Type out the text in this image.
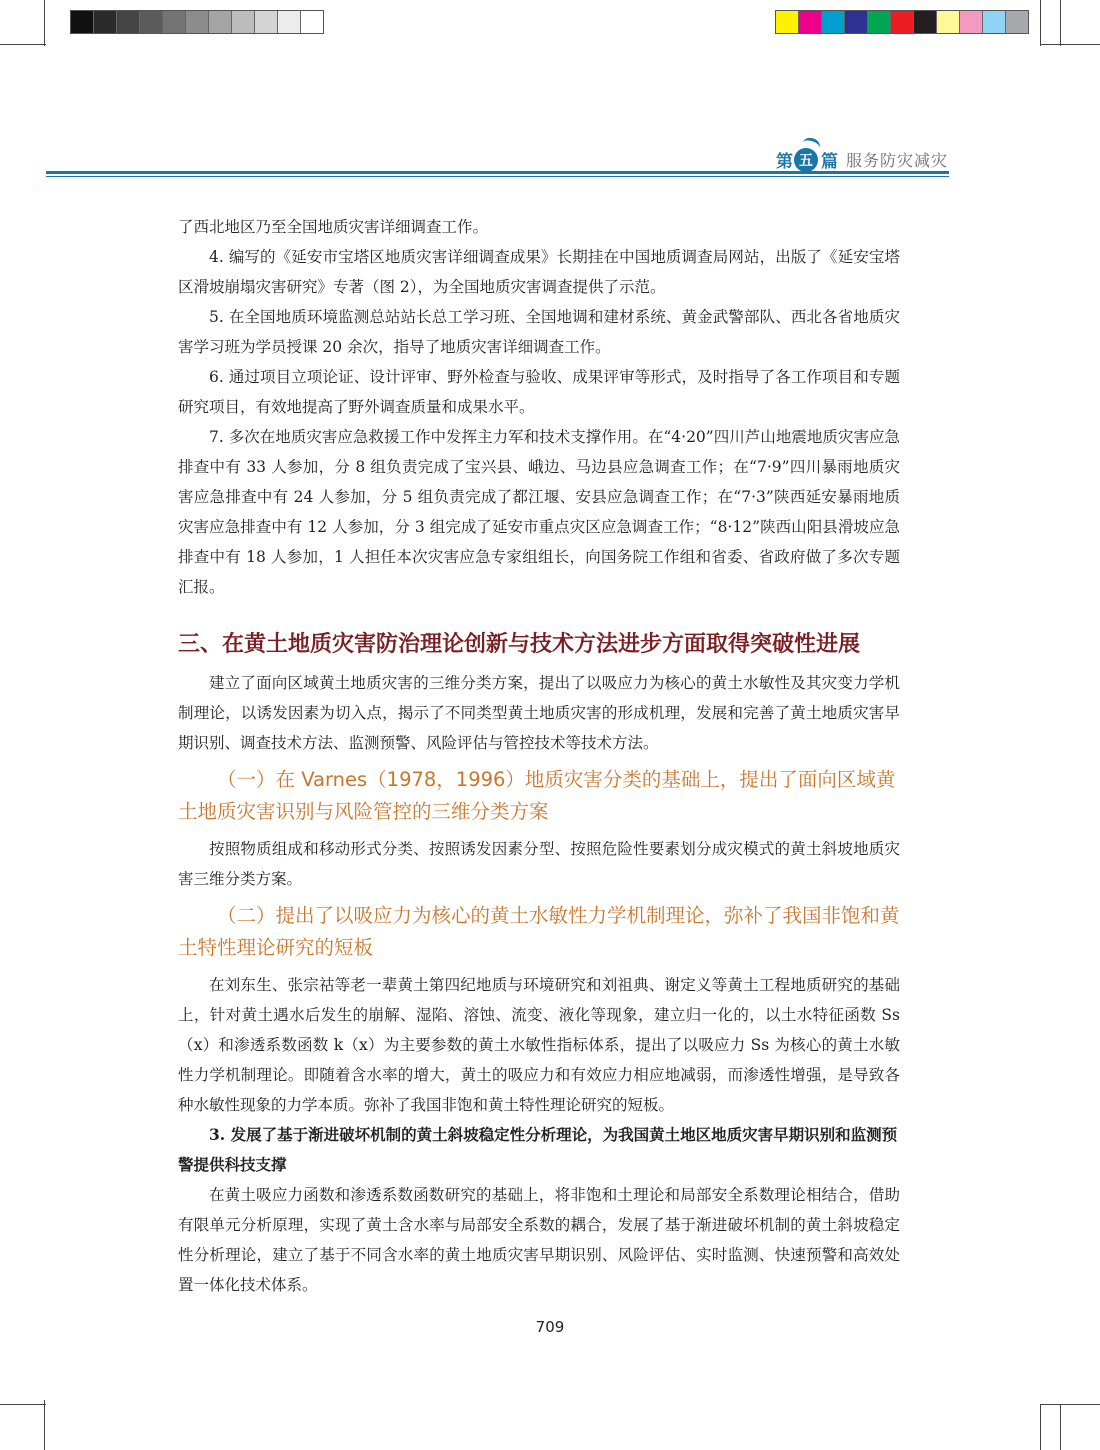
第 五 篇 服务防灾减灾

了西北地区乃至全国地质灾害详细调查工作。

4. 编写的《延安市宝塔区地质灾害详细调查成果》长期挂在中国地质调查局网站，出版了《延安宝塔区滑坡崩塌灾害研究》专著（图 2），为全国地质灾害调查提供了示范。

5. 在全国地质环境监测总站站长总工学习班、全国地调和建材系统、黄金武警部队、西北各省地质灾害学习班为学员授课 20 余次，指导了地质灾害详细调查工作。

6. 通过项目立项论证、设计评审、野外检查与验收、成果评审等形式，及时指导了各工作项目和专题研究项目，有效地提高了野外调查质量和成果水平。

7. 多次在地质灾害应急救援工作中发挥主力军和技术支撑作用。在“4·20”四川芦山地震地质灾害应急排查中有 33 人参加，分 8 组负责完成了宝兴县、峨边、马边县应急调查工作；在“7·9”四川暴雨地质灾害应急排查中有 24 人参加，分 5 组负责完成了都江堰、安县应急调查工作；在“7·3”陕西延安暴雨地质灾害应急排查中有 12 人参加，分 3 组完成了延安市重点灾区应急调查工作；“8·12”陕西山阳县滑坡应急排查中有 18 人参加，1 人担任本次灾害应急专家组组长，向国务院工作组和省委、省政府做了多次专题汇报。

三、在黄土地质灾害防治理论创新与技术方法进步方面取得突破性进展

建立了面向区域黄土地质灾害的三维分类方案，提出了以吸应力为核心的黄土水敏性及其灾变力学机制理论，以诱发因素为切入点，揭示了不同类型黄土地质灾害的形成机理，发展和完善了黄土地质灾害早期识别、调查技术方法、监测预警、风险评估与管控技术等技术方法。

（一）在 Varnes（1978，1996）地质灾害分类的基础上，提出了面向区域黄土地质灾害识别与风险管控的三维分类方案

按照物质组成和移动形式分类、按照诱发因素分型、按照危险性要素划分成灾模式的黄土斜坡地质灾害三维分类方案。

（二）提出了以吸应力为核心的黄土水敏性力学机制理论，弥补了我国非饱和黄土特性理论研究的短板

在刘东生、张宗祜等老一辈黄土第四纪地质与环境研究和刘祖典、谢定义等黄土工程地质研究的基础上，针对黄土遇水后发生的崩解、湿陷、溶蚀、流变、液化等现象，建立归一化的，以土水特征函数 Ss（x）和渗透系数函数 k（x）为主要参数的黄土水敏性指标体系，提出了以吸应力 Ss 为核心的黄土水敏性力学机制理论。即随着含水率的增大，黄土的吸应力和有效应力相应地减弱，而渗透性增强，是导致各种水敏性现象的力学本质。弥补了我国非饱和黄土特性理论研究的短板。

3. 发展了基于渐进破坏机制的黄土斜坡稳定性分析理论，为我国黄土地区地质灾害早期识别和监测预警提供科技支撑

在黄土吸应力函数和渗透系数函数研究的基础上，将非饱和土理论和局部安全系数理论相结合，借助有限单元分析原理，实现了黄土含水率与局部安全系数的耦合，发展了基于渐进破坏机制的黄土斜坡稳定性分析理论，建立了基于不同含水率的黄土地质灾害早期识别、风险评估、实时监测、快速预警和高效处置一体化技术体系。

709
